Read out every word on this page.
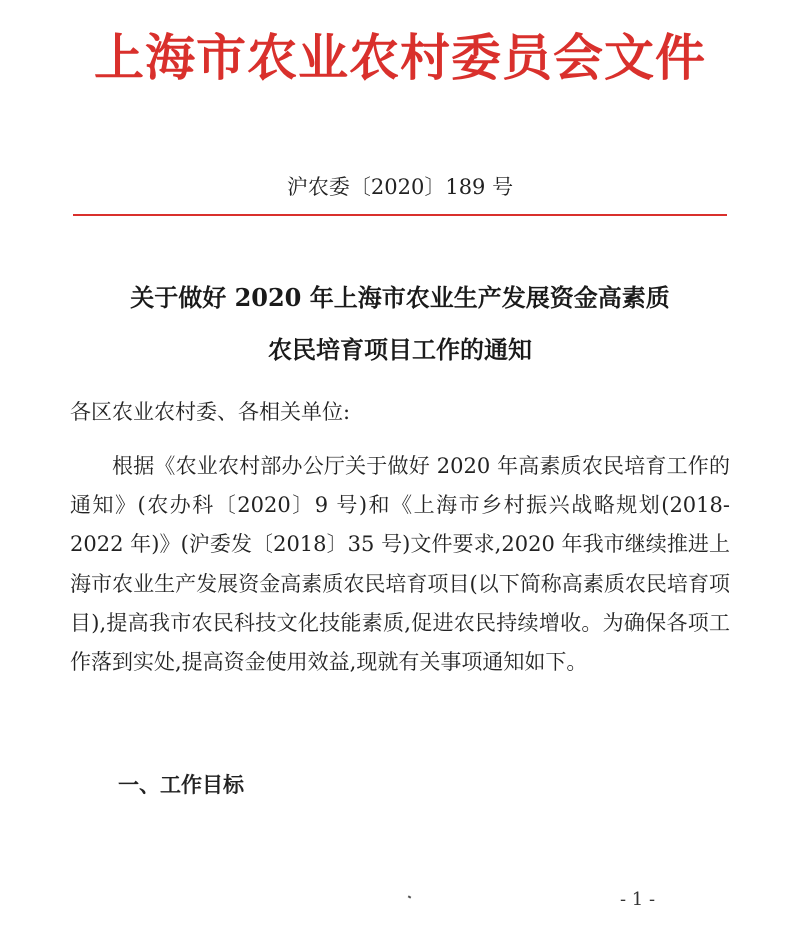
上海市农业农村委员会文件
沪农委〔2020〕189 号
关于做好 2020 年上海市农业生产发展资金高素质
农民培育项目工作的通知
各区农业农村委、各相关单位:
根据《农业农村部办公厅关于做好 2020 年高素质农民培育工作的通知》(农办科〔2020〕9 号)和《上海市乡村振兴战略规划(2018-2022 年)》(沪委发〔2018〕35 号)文件要求,2020 年我市继续推进上海市农业生产发展资金高素质农民培育项目(以下简称高素质农民培育项目),提高我市农民科技文化技能素质,促进农民持续增收。为确保各项工作落到实处,提高资金使用效益,现就有关事项通知如下。
一、工作目标
- 1 -
